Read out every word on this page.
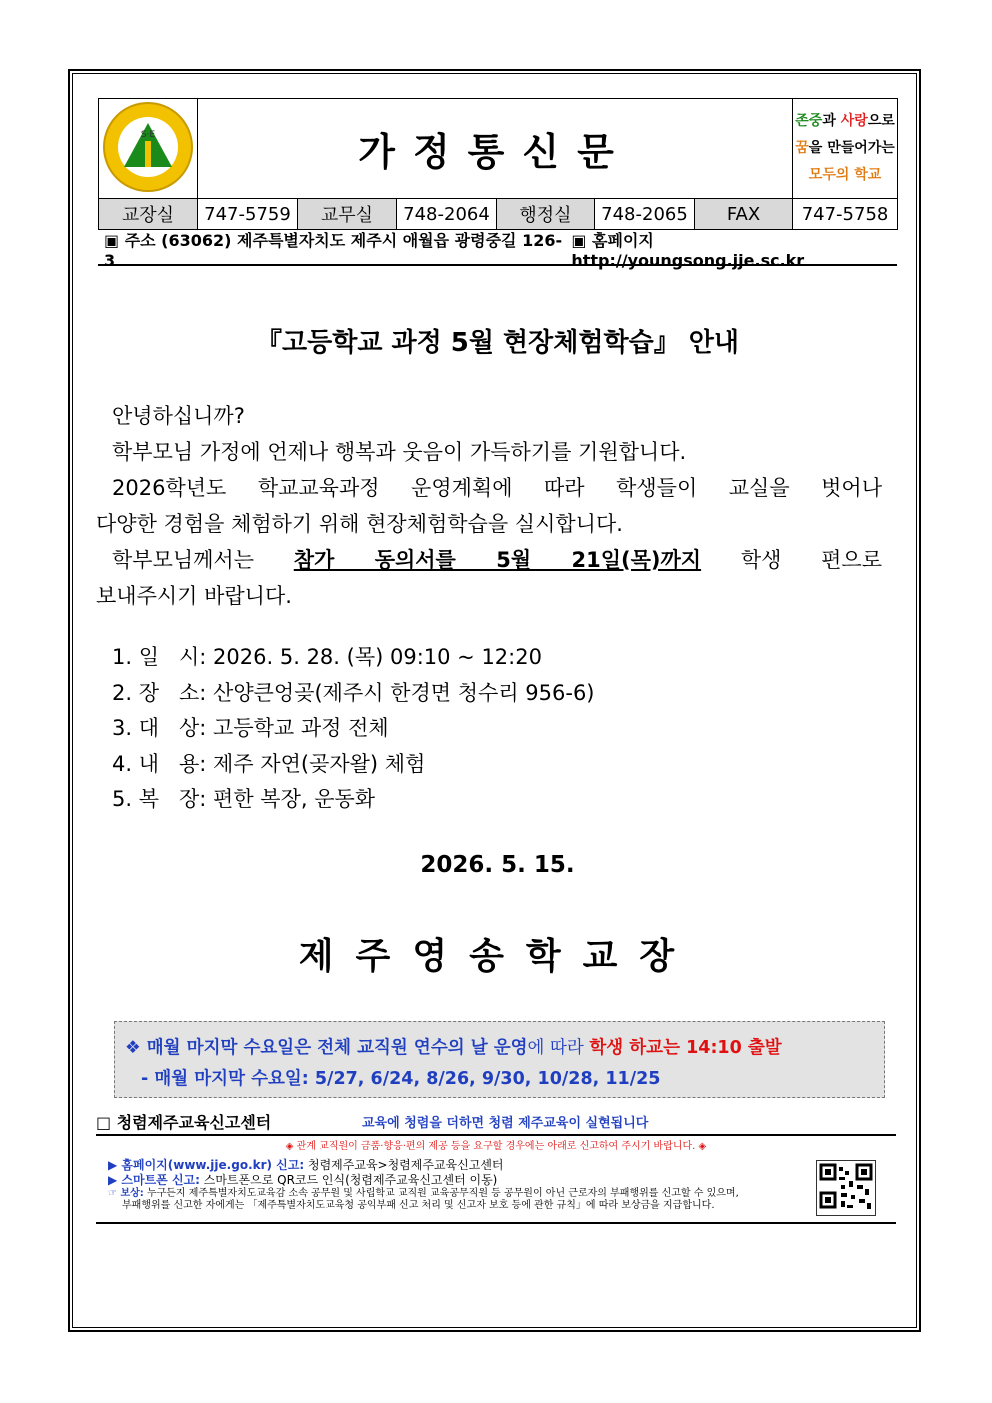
S·E	가정통신문						존중과 사랑으로
꿈을 만들어가는
모두의 학교

교장실	747-5759	교무실	748-2064	행정실	748-2065	FAX	747-5758
▣ 주소 (63062) 제주특별자치도 제주시 애월읍 광령중길 126-3
▣ 홈페이지 http://youngsong.jje.sc.kr
『고등학교 과정 5월 현장체험학습』 안내

안녕하십니까?

학부모님 가정에 언제나 행복과 웃음이 가득하기를 기원합니다.

2026학년도 학교교육과정 운영계획에 따라 학생들이 교실을 벗어나

다양한 경험을 체험하기 위해 현장체험학습을 실시합니다.

학부모님께서는 참가 동의서를 5월 21일(목)까지 학생 편으로

보내주시기 바랍니다.

1. 일   시: 2026. 5. 28. (목) 09:10 ~ 12:20
2. 장   소: 산양큰엉곶(제주시 한경면 청수리 956-6)
3. 대   상: 고등학교 과정 전체
4. 내   용: 제주 자연(곶자왈) 체험
5. 복   장: 편한 복장, 운동화
2026. 5. 15.
제주영송학교장
❖ 매월 마지막 수요일은 전체 교직원 연수의 날 운영에 따라 학생 하교는 14:10 출발
- 매월 마지막 수요일: 5/27, 6/24, 8/26, 9/30, 10/28, 11/25
□ 청렴제주교육신고센터	교육에 청렴을 더하면 청렴 제주교육이 실현됩니다
◈ 관계 교직원이 금품·향응·편의 제공 등을 요구할 경우에는 아래로 신고하여 주시기 바랍니다. ◈
▶ 홈페이지(www.jje.go.kr) 신고: 청렴제주교육>청렴제주교육신고센터
▶ 스마트폰 신고: 스마트폰으로 QR코드 인식(청렴제주교육신고센터 이동)
☞ 보상: 누구든지 제주특별자치도교육감 소속 공무원 및 사립학교 교직원 교육공무직원 등 공무원이 아닌 근로자의 부패행위를 신고할 수 있으며,
부패행위를 신고한 자에게는 「제주특별자치도교육청 공익부패 신고 처리 및 신고자 보호 등에 관한 규칙」에 따라 보상금을 지급합니다.
